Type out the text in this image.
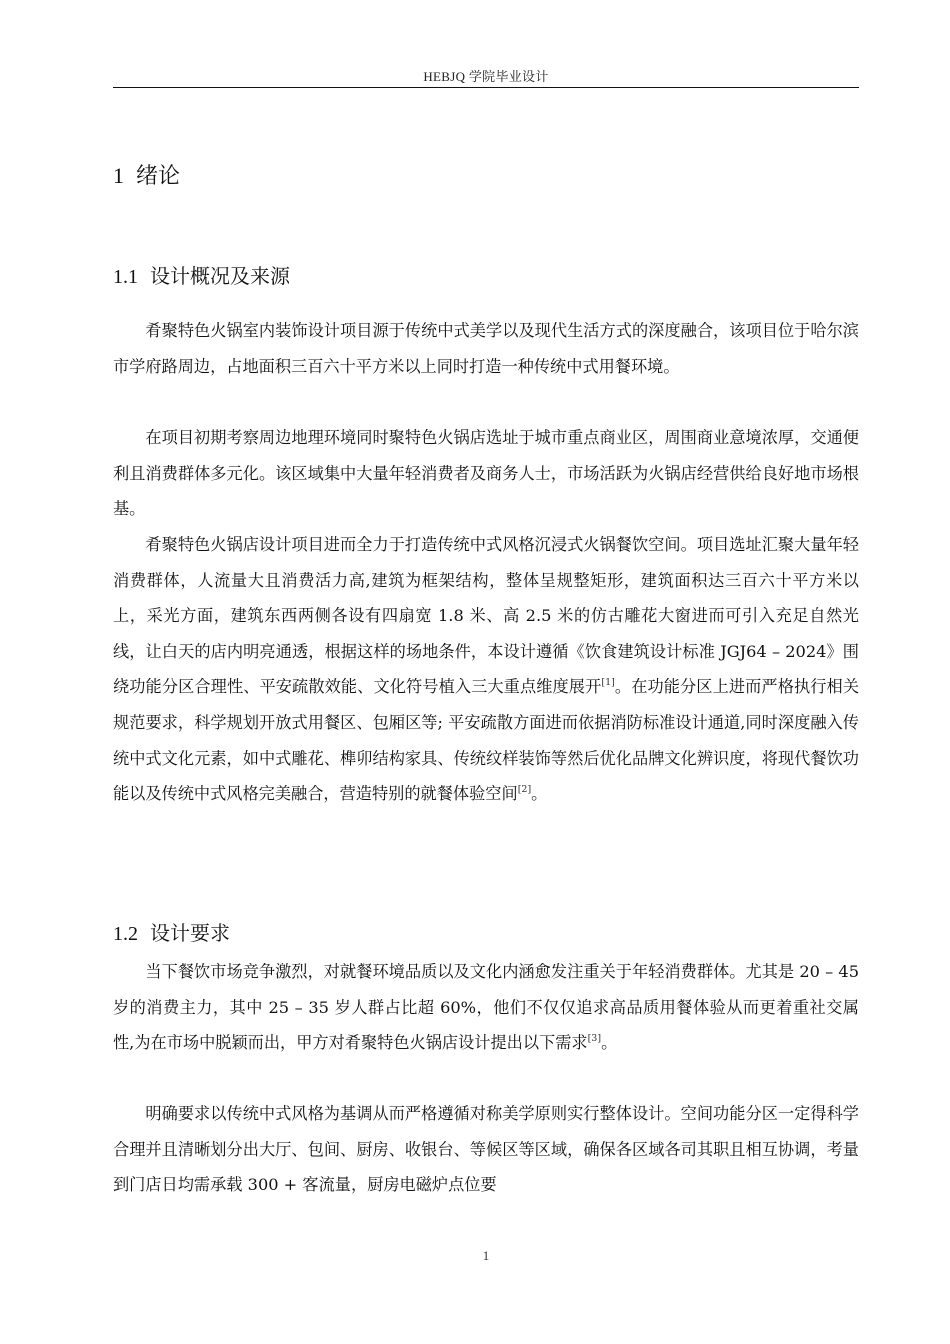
HEBJQ 学院毕业设计
1 绪论
1.1 设计概况及来源

肴聚特色火锅室内装饰设计项目源于传统中式美学以及现代生活方式的深度融合，该项目位于哈尔滨市学府路周边，占地面积三百六十平方米以上同时打造一种传统中式用餐环境。

在项目初期考察周边地理环境同时聚特色火锅店选址于城市重点商业区，周围商业意境浓厚，交通便利且消费群体多元化。该区域集中大量年轻消费者及商务人士，市场活跃为火锅店经营供给良好地市场根基。

肴聚特色火锅店设计项目进而全力于打造传统中式风格沉浸式火锅餐饮空间。项目选址汇聚大量年轻消费群体，人流量大且消费活力高,建筑为框架结构，整体呈规整矩形，建筑面积达三百六十平方米以上，采光方面，建筑东西两侧各设有四扇宽 1.8 米、高 2.5 米的仿古雕花大窗进而可引入充足自然光线，让白天的店内明亮通透，根据这样的场地条件，本设计遵循《饮食建筑设计标准 JGJ64 – 2024》围绕功能分区合理性、平安疏散效能、文化符号植入三大重点维度展开[1]。在功能分区上进而严格执行相关规范要求，科学规划开放式用餐区、包厢区等; 平安疏散方面进而依据消防标准设计通道,同时深度融入传统中式文化元素，如中式雕花、榫卯结构家具、传统纹样装饰等然后优化品牌文化辨识度，将现代餐饮功能以及传统中式风格完美融合，营造特别的就餐体验空间[2]。

1.2 设计要求

当下餐饮市场竞争激烈，对就餐环境品质以及文化内涵愈发注重关于年轻消费群体。尤其是 20 – 45 岁的消费主力，其中 25 – 35 岁人群占比超 60%，他们不仅仅追求高品质用餐体验从而更着重社交属性,为在市场中脱颖而出，甲方对肴聚特色火锅店设计提出以下需求[3]。

明确要求以传统中式风格为基调从而严格遵循对称美学原则实行整体设计。空间功能分区一定得科学合理并且清晰划分出大厅、包间、厨房、收银台、等候区等区域，确保各区域各司其职且相互协调，考量到门店日均需承载 300 + 客流量，厨房电磁炉点位要

1
